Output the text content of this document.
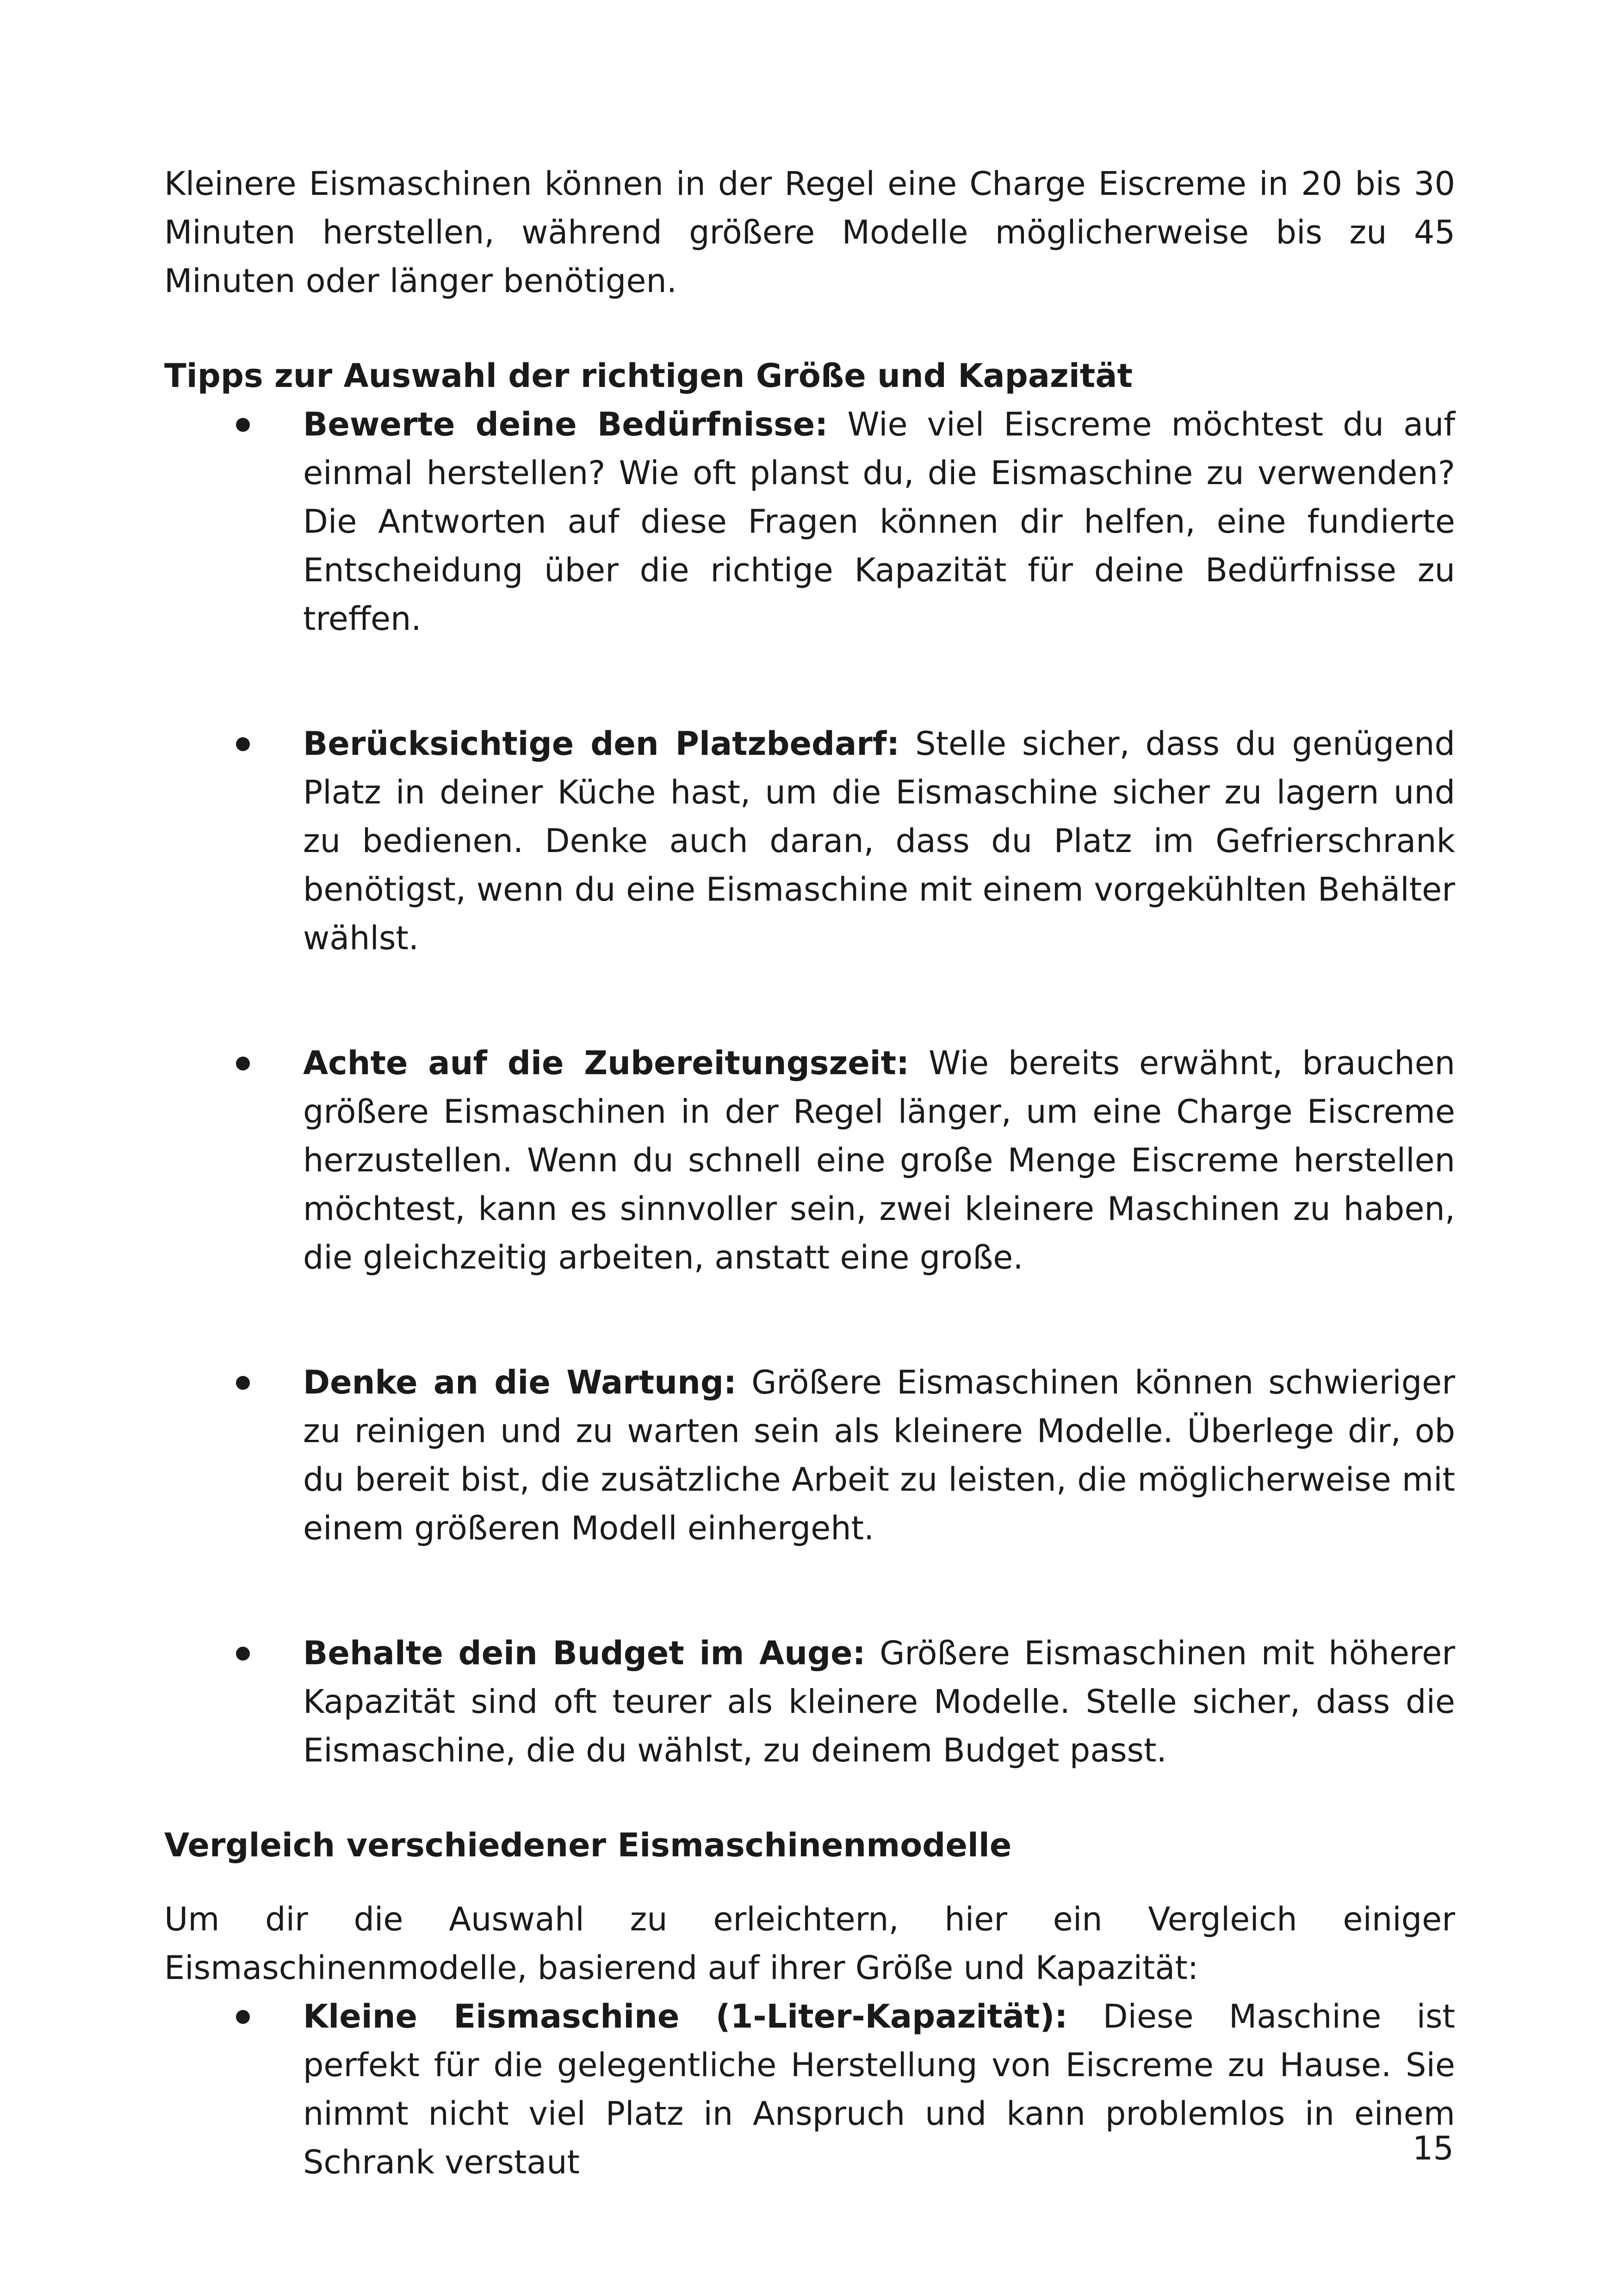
Kleinere Eismaschinen können in der Regel eine Charge Eiscreme in 20 bis 30 Minuten herstellen, während größere Modelle möglicherweise bis zu 45 Minuten oder länger benötigen.

Tipps zur Auswahl der richtigen Größe und Kapazität

Bewerte deine Bedürfnisse: Wie viel Eiscreme möchtest du auf einmal herstellen? Wie oft planst du, die Eismaschine zu verwenden? Die Antworten auf diese Fragen können dir helfen, eine fundierte Entscheidung über die richtige Kapazität für deine Bedürfnisse zu treffen.
Berücksichtige den Platzbedarf: Stelle sicher, dass du genügend Platz in deiner Küche hast, um die Eismaschine sicher zu lagern und zu bedienen. Denke auch daran, dass du Platz im Gefrierschrank benötigst, wenn du eine Eismaschine mit einem vorgekühlten Behälter wählst.
Achte auf die Zubereitungszeit: Wie bereits erwähnt, brauchen größere Eismaschinen in der Regel länger, um eine Charge Eiscreme herzustellen. Wenn du schnell eine große Menge Eiscreme herstellen möchtest, kann es sinnvoller sein, zwei kleinere Maschinen zu haben, die gleichzeitig arbeiten, anstatt eine große.
Denke an die Wartung: Größere Eismaschinen können schwieriger zu reinigen und zu warten sein als kleinere Modelle. Überlege dir, ob du bereit bist, die zusätzliche Arbeit zu leisten, die möglicherweise mit einem größeren Modell einhergeht.
Behalte dein Budget im Auge: Größere Eismaschinen mit höherer Kapazität sind oft teurer als kleinere Modelle. Stelle sicher, dass die Eismaschine, die du wählst, zu deinem Budget passt.

Vergleich verschiedener Eismaschinenmodelle

Um dir die Auswahl zu erleichtern, hier ein Vergleich einiger Eismaschinenmodelle, basierend auf ihrer Größe und Kapazität:

Kleine Eismaschine (1-Liter-Kapazität): Diese Maschine ist perfekt für die gelegentliche Herstellung von Eiscreme zu Hause. Sie nimmt nicht viel Platz in Anspruch und kann problemlos in einem Schrank verstaut	15
